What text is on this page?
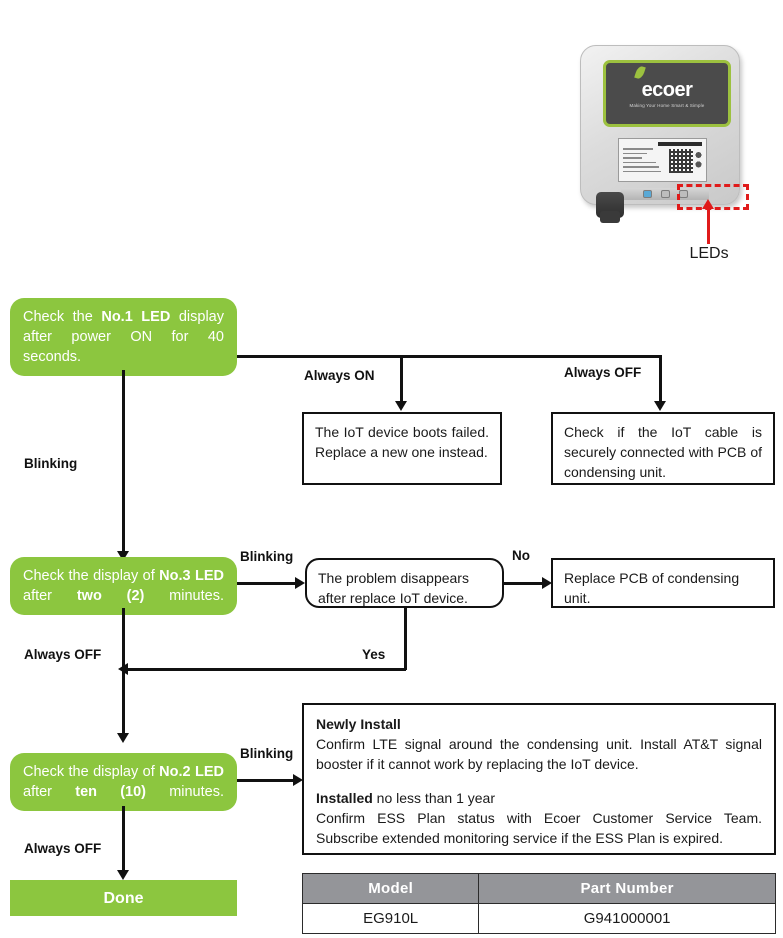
ecoer
Making Your Home Smart & Simple
LEDs
Check the No.1 LED display after power ON for 40 seconds.
Always ON	Always OFF
The IoT device boots failed. Replace a new one instead.
Check if the IoT cable is securely connected with PCB of condensing unit.
Blinking
Check the display of No.3 LED after two (2) minutes.
Blinking
The problem disappears after replace IoT device.
No
Replace PCB of condensing unit.
Yes
Always OFF
Check the display of No.2 LED after ten (10) minutes.
Blinking

Newly Install

Confirm LTE signal around the condensing unit. Install AT&T signal booster if it cannot work by replacing the IoT device.

Installed no less than 1 year

Confirm ESS Plan status with Ecoer Customer Service Team. Subscribe extended monitoring service if the ESS Plan is expired.

Always OFF
Done
Model	Part Number
EG910L	G941000001
